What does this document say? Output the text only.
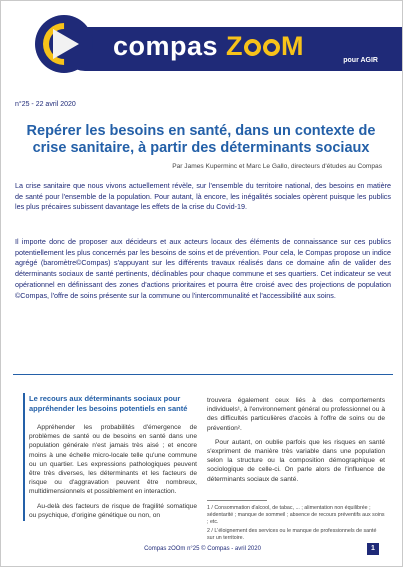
compas Z M	pour AGIR
n°25 - 22 avril 2020
Repérer les besoins en santé, dans un contexte de crise sanitaire, à partir des déterminants sociaux
Par James Kuperminc et Marc Le Gallo, directeurs d'études au Compas

La crise sanitaire que nous vivons actuellement révèle, sur l'ensemble du territoire national, des besoins en matière de santé pour l'ensemble de la population. Pour autant, là encore, les inégalités sociales opèrent puisque les publics les plus précaires subissent davantage les effets de la crise du Covid-19.

Il importe donc de proposer aux décideurs et aux acteurs locaux des éléments de connaissance sur ces publics potentiellement les plus concernés par les besoins de soins et de prévention. Pour cela, le Compas propose un indice agrégé (baromètre©Compas) s'appuyant sur les différents travaux réalisés dans ce domaine afin de valider des déterminants sociaux de santé pertinents, déclinables pour chaque commune et ses quartiers. Cet indicateur se veut opérationnel en définissant des zones d'actions prioritaires et pourra être croisé avec des projections de population ©Compas, l'offre de soins présente sur la commune ou l'intercommunalité et l'accessibilité aux soins.

Le recours aux déterminants sociaux pour appréhender les besoins potentiels en santé

Appréhender les probabilités d'émergence de problèmes de santé ou de besoins en santé dans une population générale n'est jamais très aisé ; et encore moins à une échelle micro-locale telle qu'une commune ou un quartier. Les expressions pathologiques peuvent être très diverses, les déterminants et les facteurs de risque ou d'aggravation peuvent être nombreux, multidimensionnels et possiblement en interaction.

Au-delà des facteurs de risque de fragilité somatique ou psychique, d'origine génétique ou non, on

trouvera également ceux liés à des comportements individuels¹, à l'environnement général ou professionnel ou à des difficultés particulières d'accès à l'offre de soins ou de prévention².

Pour autant, on oublie parfois que les risques en santé s'expriment de manière très variable dans une population selon la structure ou la composition démographique et sociologique de celle-ci. On parle alors de l'influence de déterminants sociaux de santé.

1 / Consommation d'alcool, de tabac, ... ; alimentation non équilibrée ; sédentarité ; manque de sommeil ; absence de recours préventifs aux soins ; etc.

2 / L'éloignement des services ou le manque de professionnels de santé sur un territoire.

Compas zOOm n°25 © Compas - avril 2020	1
